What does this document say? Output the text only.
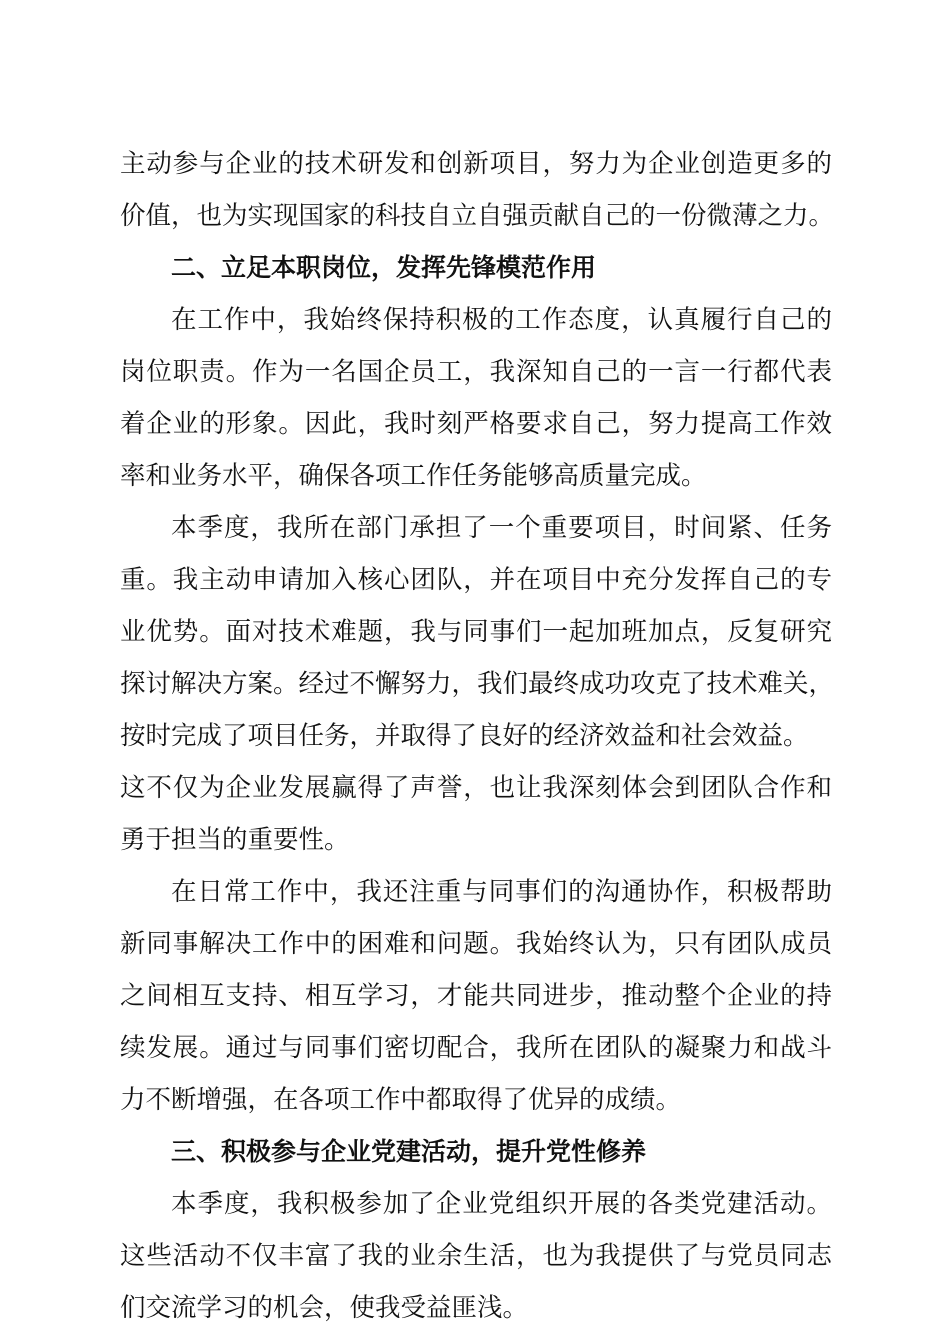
主动参与企业的技术研发和创新项目，努力为企业创造更多的
价值，也为实现国家的科技自立自强贡献自己的一份微薄之力。
二、立足本职岗位，发挥先锋模范作用
在工作中，我始终保持积极的工作态度，认真履行自己的
岗位职责。作为一名国企员工，我深知自己的一言一行都代表
着企业的形象。因此，我时刻严格要求自己，努力提高工作效
率和业务水平，确保各项工作任务能够高质量完成。
本季度，我所在部门承担了一个重要项目，时间紧、任务
重。我主动申请加入核心团队，并在项目中充分发挥自己的专
业优势。面对技术难题，我与同事们一起加班加点，反复研究
探讨解决方案。经过不懈努力，我们最终成功攻克了技术难关，
按时完成了项目任务，并取得了良好的经济效益和社会效益。
这不仅为企业发展赢得了声誉，也让我深刻体会到团队合作和
勇于担当的重要性。
在日常工作中，我还注重与同事们的沟通协作，积极帮助
新同事解决工作中的困难和问题。我始终认为，只有团队成员
之间相互支持、相互学习，才能共同进步，推动整个企业的持
续发展。通过与同事们密切配合，我所在团队的凝聚力和战斗
力不断增强，在各项工作中都取得了优异的成绩。
三、积极参与企业党建活动，提升党性修养
本季度，我积极参加了企业党组织开展的各类党建活动。
这些活动不仅丰富了我的业余生活，也为我提供了与党员同志
们交流学习的机会，使我受益匪浅。
